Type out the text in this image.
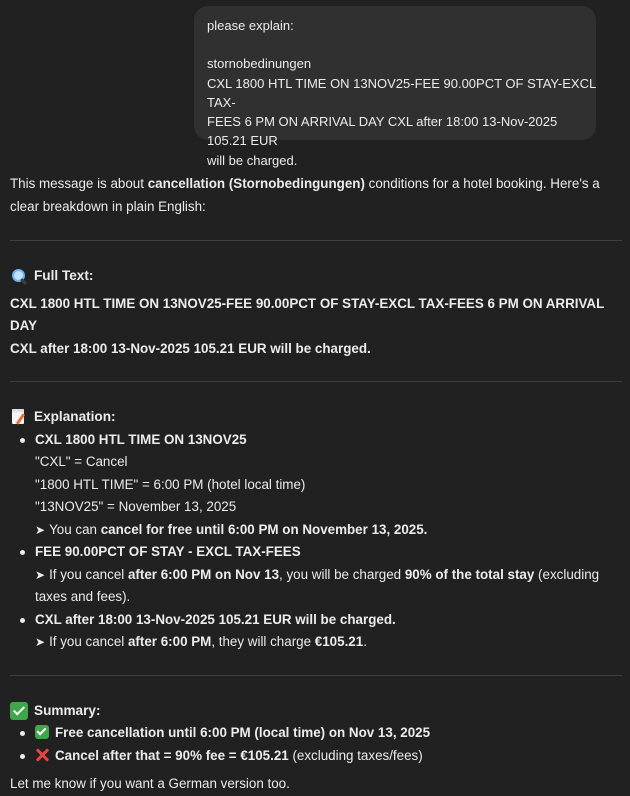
please explain:

stornobedinungen

CXL 1800 HTL TIME ON 13NOV25-FEE 90.00PCT OF STAY-EXCL TAX-

FEES 6 PM ON ARRIVAL DAY CXL after 18:00 13-Nov-2025 105.21 EUR

will be charged.

This message is about cancellation (Stornobedingungen) conditions for a hotel booking. Here's a clear breakdown in plain English:

Full Text:

CXL 1800 HTL TIME ON 13NOV25-FEE 90.00PCT OF STAY-EXCL TAX-FEES 6 PM ON ARRIVAL DAY

CXL after 18:00 13-Nov-2025 105.21 EUR will be charged.

Explanation:
CXL 1800 HTL TIME ON 13NOV25
"CXL" = Cancel
"1800 HTL TIME" = 6:00 PM (hotel local time)
"13NOV25" = November 13, 2025
➤ You can cancel for free until 6:00 PM on November 13, 2025.
FEE 90.00PCT OF STAY - EXCL TAX-FEES
➤ If you cancel after 6:00 PM on Nov 13, you will be charged 90% of the total stay (excluding taxes and fees).
CXL after 18:00 13-Nov-2025 105.21 EUR will be charged.
➤ If you cancel after 6:00 PM, they will charge €105.21.
Summary:
Free cancellation until 6:00 PM (local time) on Nov 13, 2025
Cancel after that = 90% fee = €105.21 (excluding taxes/fees)

Let me know if you want a German version too.
